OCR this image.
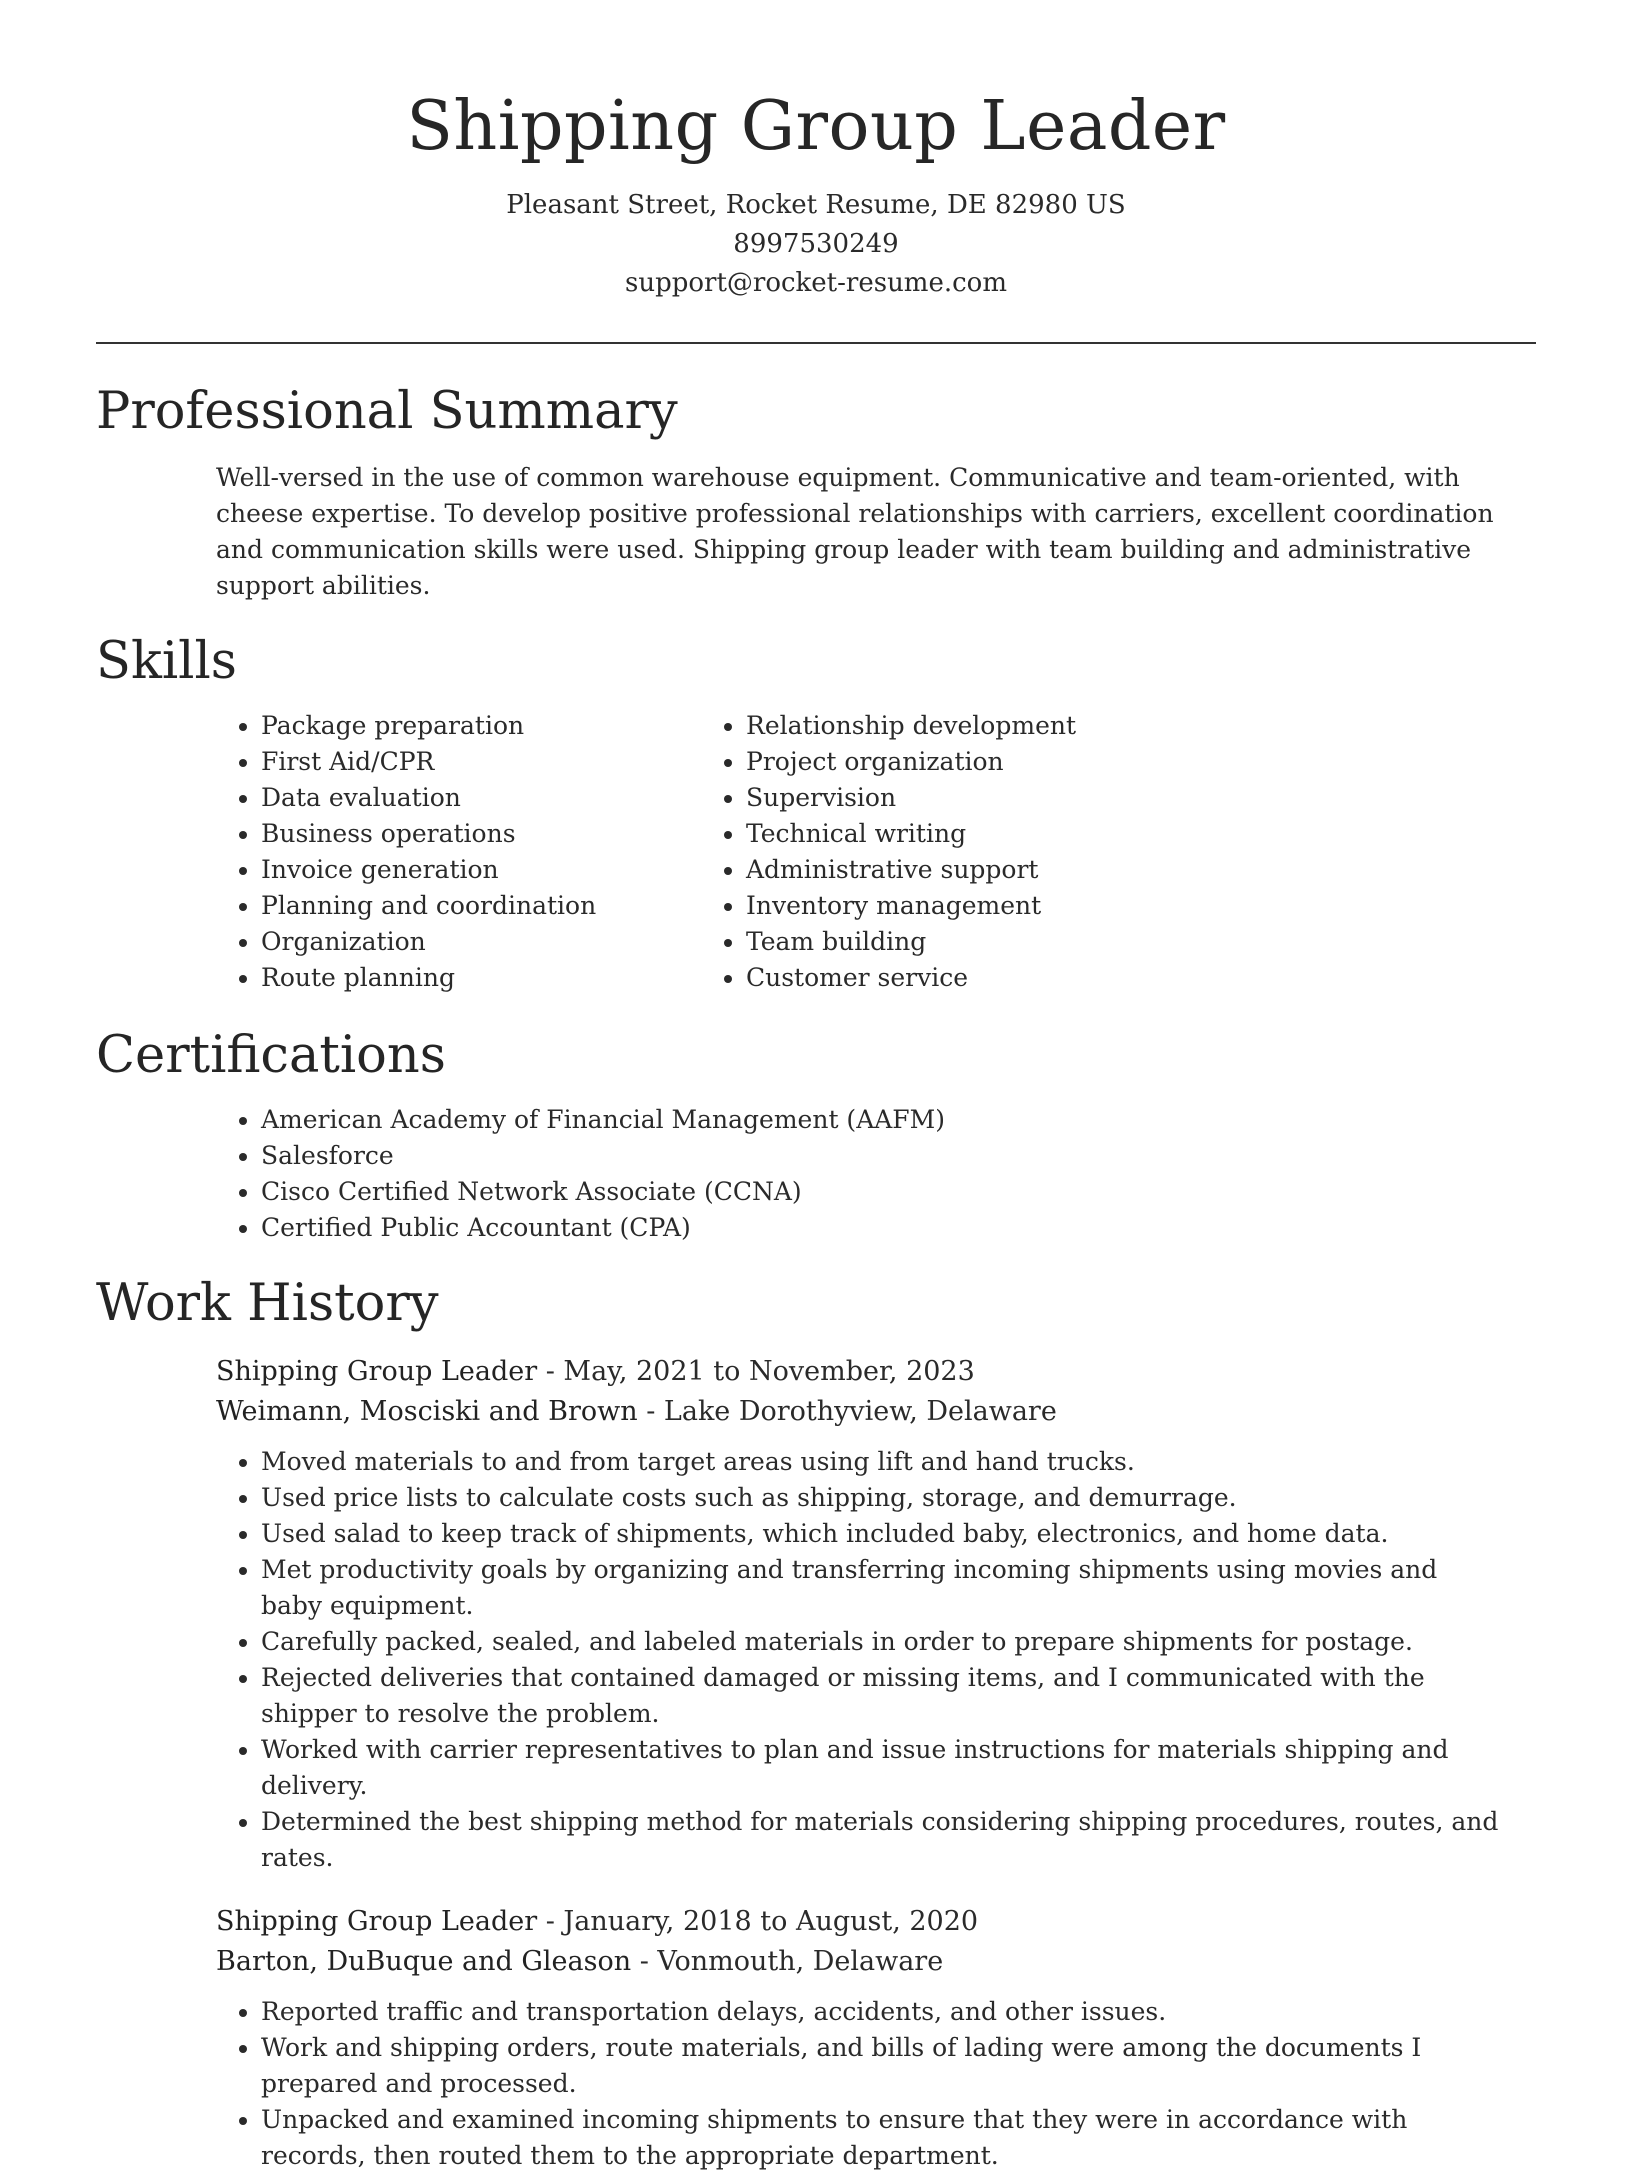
Shipping Group Leader
Pleasant Street, Rocket Resume, DE 82980 US
8997530249
support@rocket-resume.com
Professional Summary

Well-versed in the use of common warehouse equipment. Communicative and team-oriented, with cheese expertise. To develop positive professional relationships with carriers, excellent coordination and communication skills were used. Shipping group leader with team building and administrative support abilities.

Skills
• Package preparation
• First Aid/CPR
• Data evaluation
• Business operations
• Invoice generation
• Planning and coordination
• Organization
• Route planning
• Relationship development
• Project organization
• Supervision
• Technical writing
• Administrative support
• Inventory management
• Team building
• Customer service
Certifications
• American Academy of Financial Management (AAFM)
• Salesforce
• Cisco Certified Network Associate (CCNA)
• Certified Public Accountant (CPA)
Work History
Shipping Group Leader - May, 2021 to November, 2023
Weimann, Mosciski and Brown - Lake Dorothyview, Delaware
• Moved materials to and from target areas using lift and hand trucks.
• Used price lists to calculate costs such as shipping, storage, and demurrage.
• Used salad to keep track of shipments, which included baby, electronics, and home data.
• Met productivity goals by organizing and transferring incoming shipments using movies and baby equipment.
• Carefully packed, sealed, and labeled materials in order to prepare shipments for postage.
• Rejected deliveries that contained damaged or missing items, and I communicated with the shipper to resolve the problem.
• Worked with carrier representatives to plan and issue instructions for materials shipping and delivery.
• Determined the best shipping method for materials considering shipping procedures, routes, and rates.
Shipping Group Leader - January, 2018 to August, 2020
Barton, DuBuque and Gleason - Vonmouth, Delaware
• Reported traffic and transportation delays, accidents, and other issues.
• Work and shipping orders, route materials, and bills of lading were among the documents I prepared and processed.
• Unpacked and examined incoming shipments to ensure that they were in accordance with records, then routed them to the appropriate department.
